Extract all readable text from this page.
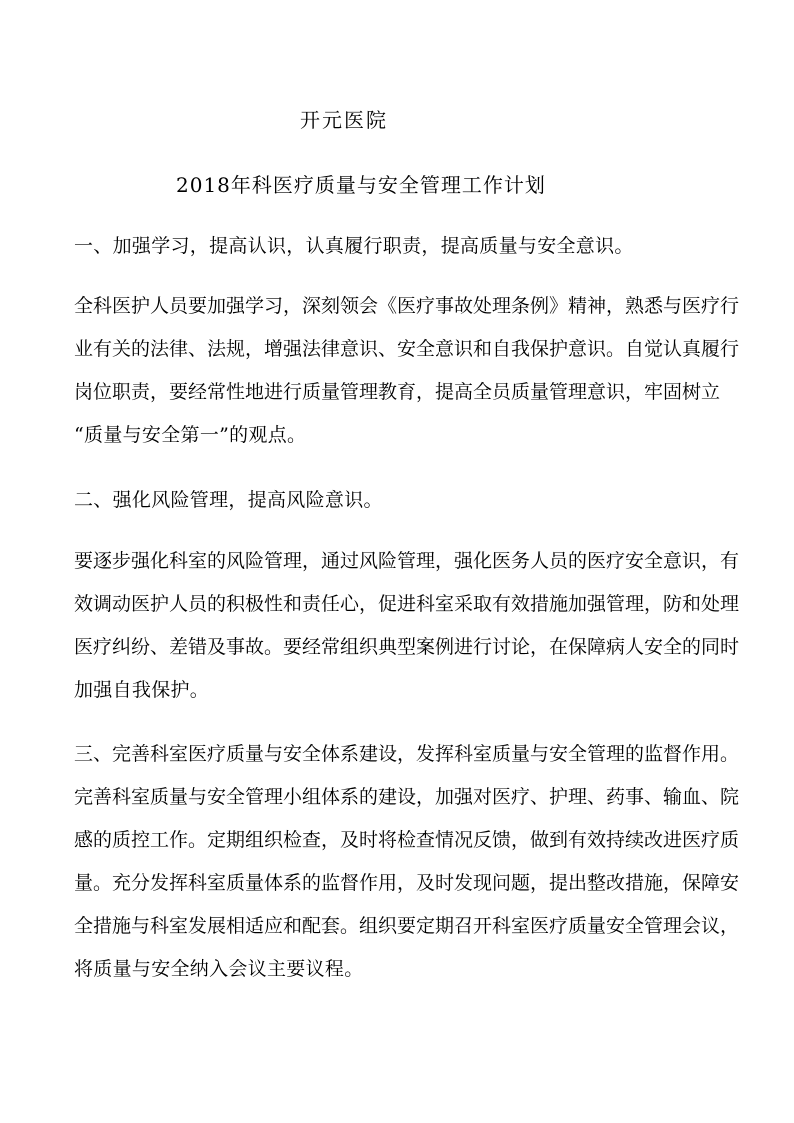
开元医院

2018年科医疗质量与安全管理工作计划

一、加强学习，提高认识，认真履行职责，提高质量与安全意识。

全科医护人员要加强学习，深刻领会《医疗事故处理条例》精神，熟悉与医疗行

业有关的法律、法规，增强法律意识、安全意识和自我保护意识。自觉认真履行

岗位职责，要经常性地进行质量管理教育，提高全员质量管理意识，牢固树立

“质量与安全第一”的观点。

二、强化风险管理，提高风险意识。

要逐步强化科室的风险管理，通过风险管理，强化医务人员的医疗安全意识，有

效调动医护人员的积极性和责任心，促进科室采取有效措施加强管理，防和处理

医疗纠纷、差错及事故。要经常组织典型案例进行讨论，在保障病人安全的同时

加强自我保护。

三、完善科室医疗质量与安全体系建设，发挥科室质量与安全管理的监督作用。

完善科室质量与安全管理小组体系的建设，加强对医疗、护理、药事、输血、院

感的质控工作。定期组织检查，及时将检查情况反馈，做到有效持续改进医疗质

量。充分发挥科室质量体系的监督作用，及时发现问题，提出整改措施，保障安

全措施与科室发展相适应和配套。组织要定期召开科室医疗质量安全管理会议，

将质量与安全纳入会议主要议程。
